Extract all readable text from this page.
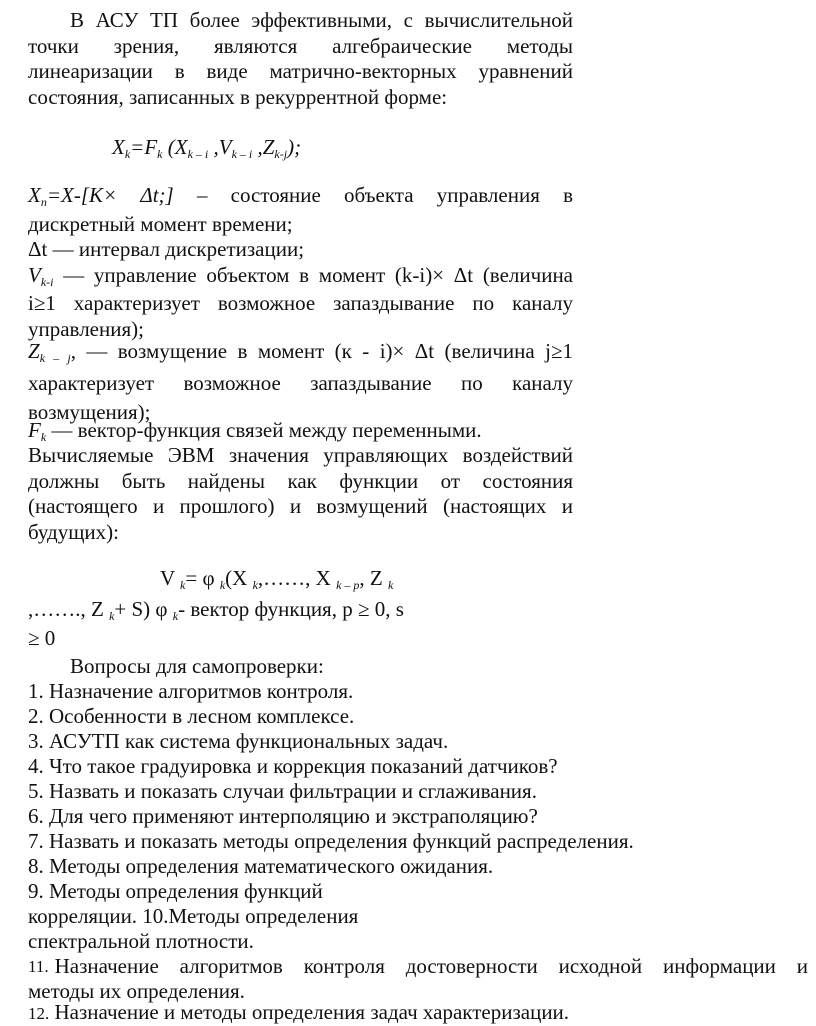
В АСУ ТП более эффективными, с вычислительной
точки зрения, являются алгебраические методы
линеаризации в виде матрично-векторных уравнений
состояния, записанных в рекуррентной форме:
Xk=Fk (Xk – i ,Vk – i ,Zk-j);
Xn=X-[K× Δt;] – состояние объекта управления в
дискретный момент времени;
Δt — интервал дискретизации;
Vk-i — управление объектом в момент (k-i)× Δt (величина
i≥1 характеризует возможное запаздывание по каналу
управления);
Zk – j, — возмущение в момент (к - i)× Δt (величина j≥1
характеризует возможное запаздывание по каналу
возмущения);
Fk — вектор-функция связей между переменными.
Вычисляемые ЭВМ значения управляющих воздействий
должны быть найдены как функции от состояния
(настоящего и прошлого) и возмущений (настоящих и
будущих):
V k= φ k(X k,……, X k – p, Z k
,……., Z k+ S) φ k- вектор функция, p ≥ 0, s
≥ 0
Вопросы для самопроверки:
1. Назначение алгоритмов контроля.
2. Особенности в лесном комплексе.
3. АСУТП как система функциональных задач.
4. Что такое градуировка и коррекция показаний датчиков?
5. Назвать и показать случаи фильтрации и сглаживания.
6. Для чего применяют интерполяцию и экстраполяцию?
7. Назвать и показать методы определения функций распределения.
8. Методы определения математического ожидания.
9. Методы определения функций
корреляции. 10.Методы определения
спектральной плотности.
11. Назначение алгоритмов контроля достоверности исходной информации и
методы их определения.
12. Назначение и методы определения задач характеризации.
